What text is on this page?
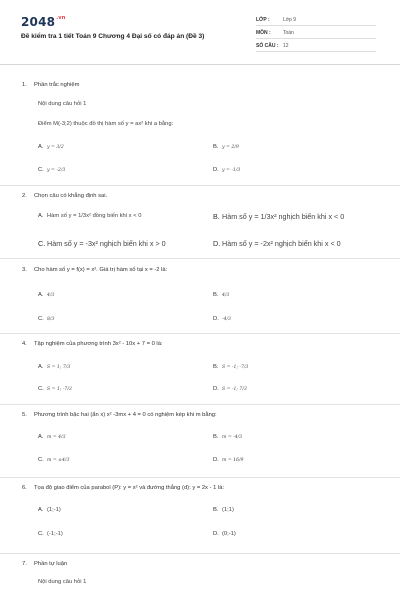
$2048^{.vn}$
Đề kiểm tra 1 tiết Toán 9 Chương 4 Đại số có đáp án (Đề 3)
LỚP :	Lớp 9
MÔN :	Toán
SỐ CÂU : 12
1. Phần trắc nghiệm
Nội dung câu hỏi 1
Điểm M(-3;2) thuộc đồ thị hàm số y = ax² khi a bằng:
A. y = 3/2	B. y = 2/9
C. y = -2/3	D. y = -1/3
2. Chọn câu có khẳng định sai.
A. Hàm số y = 1/3x² đồng biến khi x < 0	B. Hàm số y = 1/3x² nghịch biến khi x < 0
C. Hàm số y = -3x² nghịch biến khi x > 0	D. Hàm số y = -2x² nghịch biến khi x < 0
3. Cho hàm số y = f(x) = x². Giá trị hàm số tại x = -2 là:
A. 4/3	B. 4/3
C. 8/3	D. -4/3
4. Tập nghiệm của phương trình 3x² - 10x + 7 = 0 là:
A. S = 1; 7/3	B. S = -1; -7/3
C. S = 1; -7/3	D. S = -1; 7/3
5. Phương trình bậc hai (ẩn x) x² -3mx + 4 = 0 có nghiệm kép khi m bằng:
A. m = 4/3	B. m = -4/3
C. m = ±4/3	D. m = 16/9
6. Tọa độ giao điểm của parabol (P): y = x² và đường thẳng (d): y = 2x - 1 là:
A. (1;-1)	B. (1;1)
C. (-1;-1)	D. (0;-1)
7. Phần tự luận
Nội dung câu hỏi 1
